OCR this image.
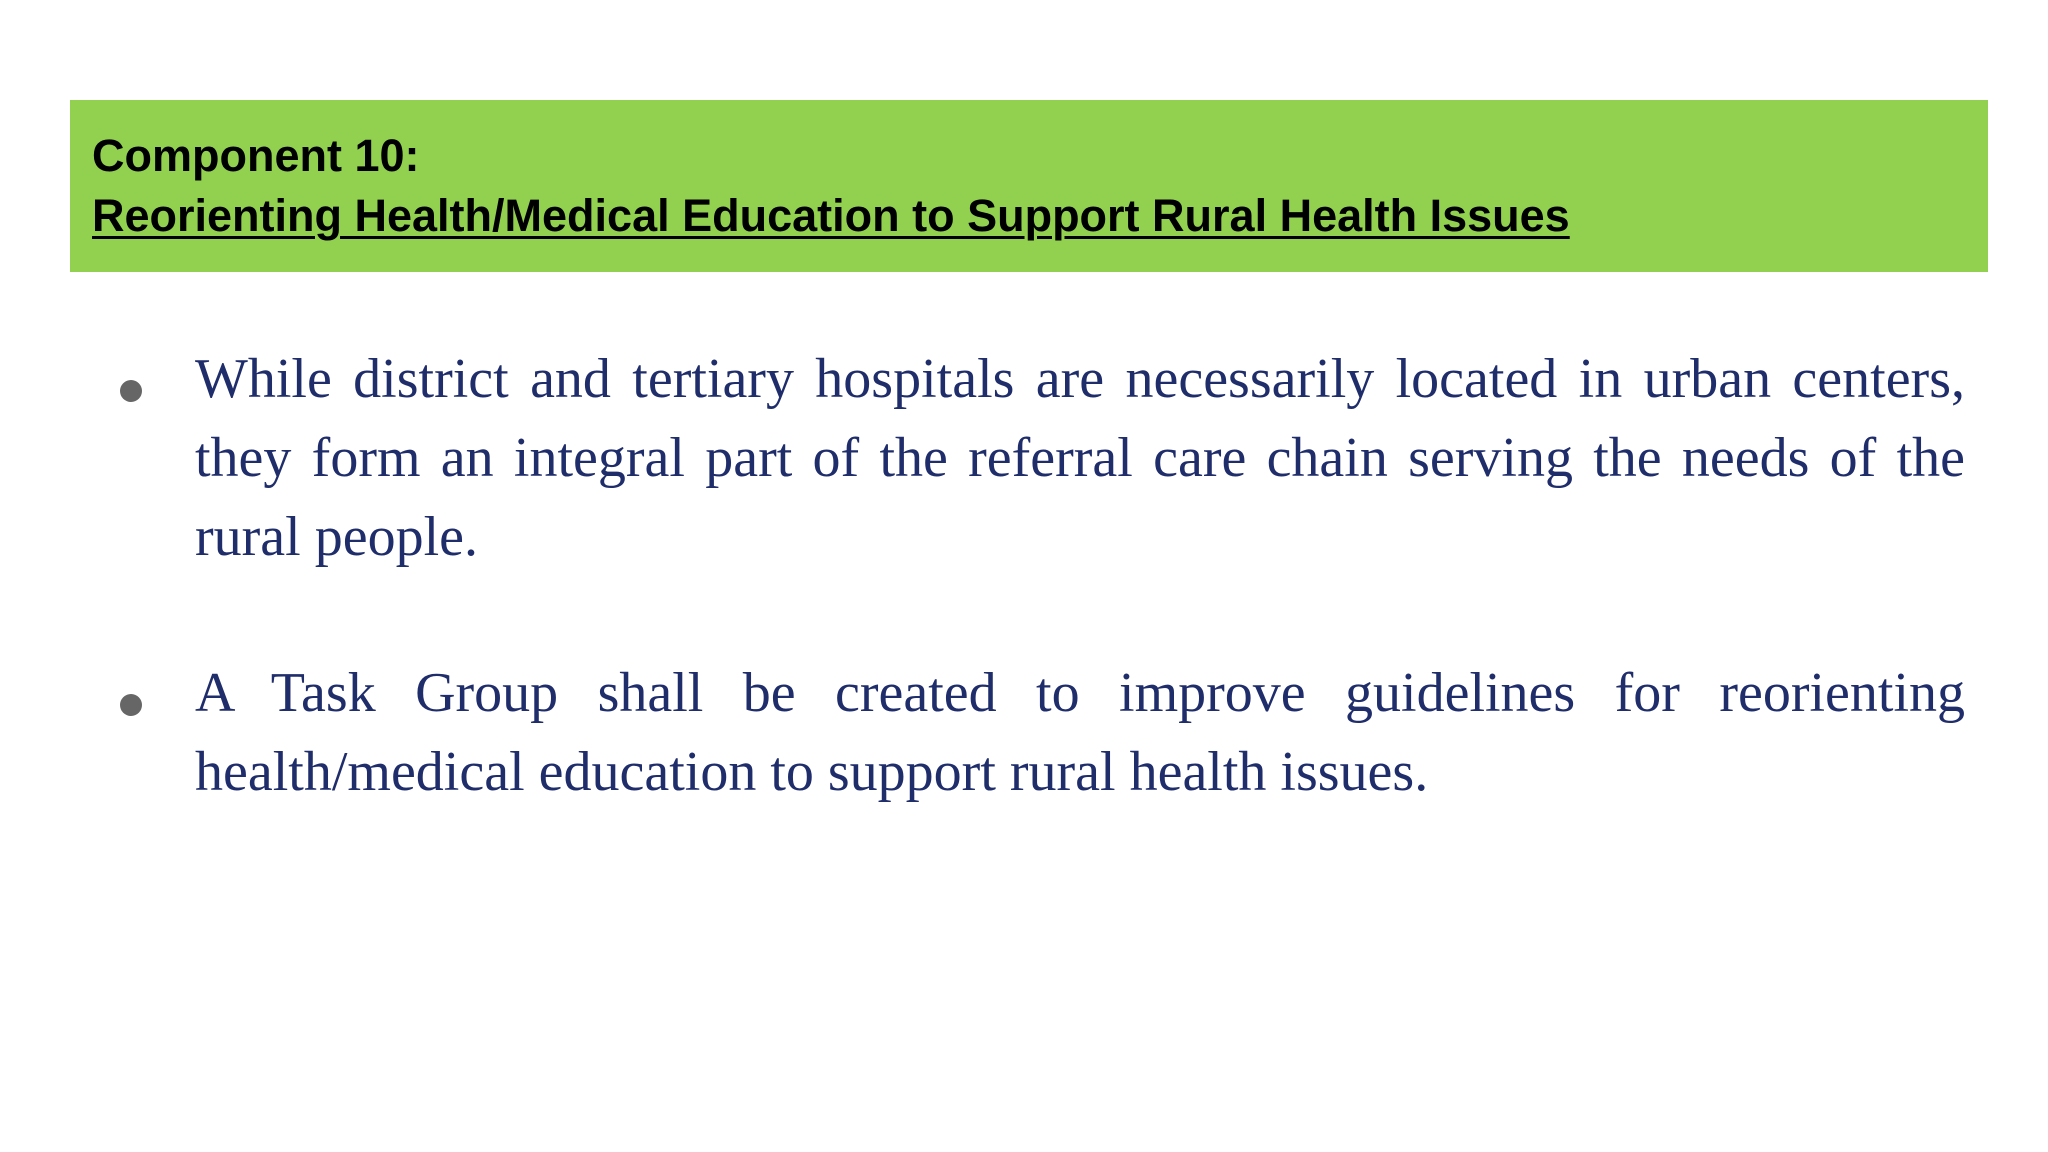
Component 10:
Reorienting Health/Medical Education to Support Rural Health Issues

While district and tertiary hospitals are necessarily located in urban centers, they form an integral part of the referral care chain serving the needs of the rural people.

A Task Group shall be created to improve guidelines for reorienting health/medical education to support rural health issues.
